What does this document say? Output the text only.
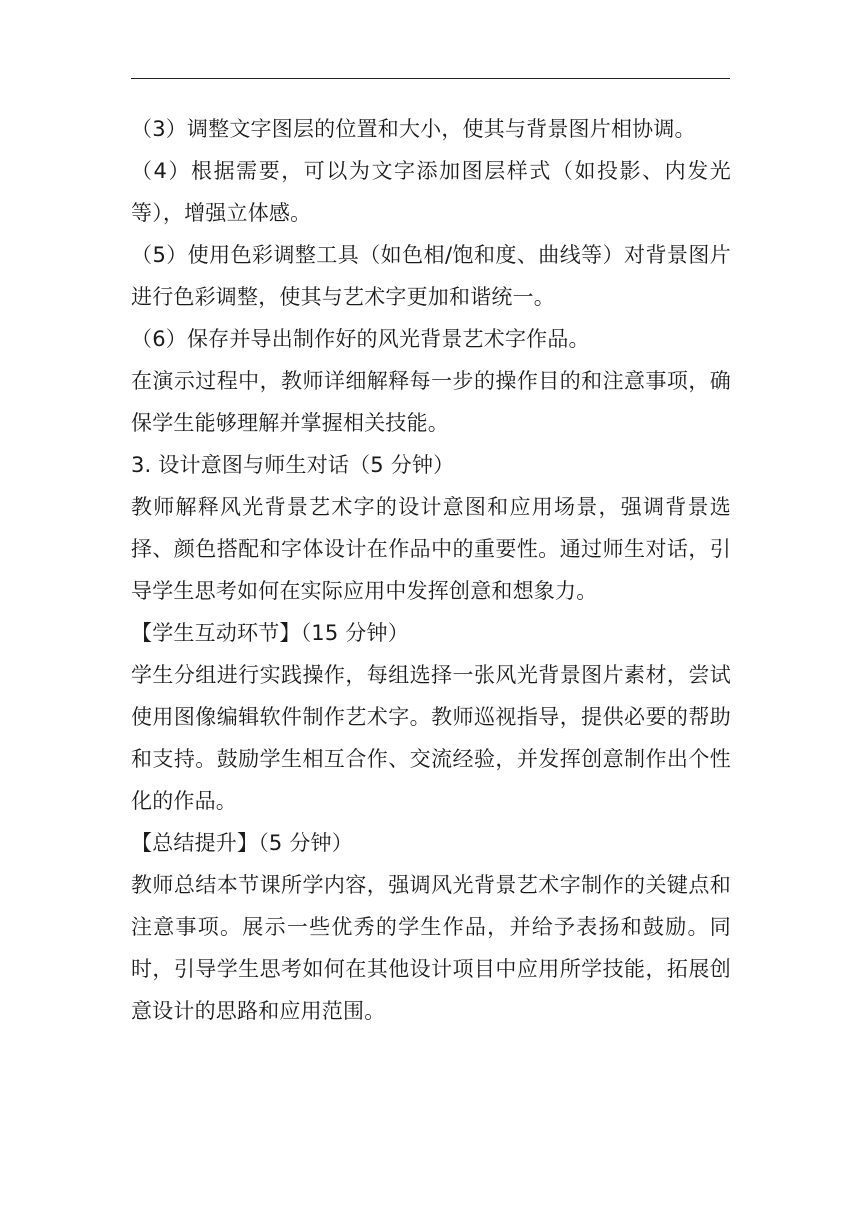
（3）调整文字图层的位置和大小，使其与背景图片相协调。

（4）根据需要，可以为文字添加图层样式（如投影、内发光等），增强立体感。

（5）使用色彩调整工具（如色相/饱和度、曲线等）对背景图片进行色彩调整，使其与艺术字更加和谐统一。

（6）保存并导出制作好的风光背景艺术字作品。

在演示过程中，教师详细解释每一步的操作目的和注意事项，确保学生能够理解并掌握相关技能。

3. 设计意图与师生对话（5 分钟）

教师解释风光背景艺术字的设计意图和应用场景，强调背景选择、颜色搭配和字体设计在作品中的重要性。通过师生对话，引导学生思考如何在实际应用中发挥创意和想象力。

【学生互动环节】（15 分钟）

学生分组进行实践操作，每组选择一张风光背景图片素材，尝试使用图像编辑软件制作艺术字。教师巡视指导，提供必要的帮助和支持。鼓励学生相互合作、交流经验，并发挥创意制作出个性化的作品。

【总结提升】（5 分钟）

教师总结本节课所学内容，强调风光背景艺术字制作的关键点和注意事项。展示一些优秀的学生作品，并给予表扬和鼓励。同时，引导学生思考如何在其他设计项目中应用所学技能，拓展创意设计的思路和应用范围。
